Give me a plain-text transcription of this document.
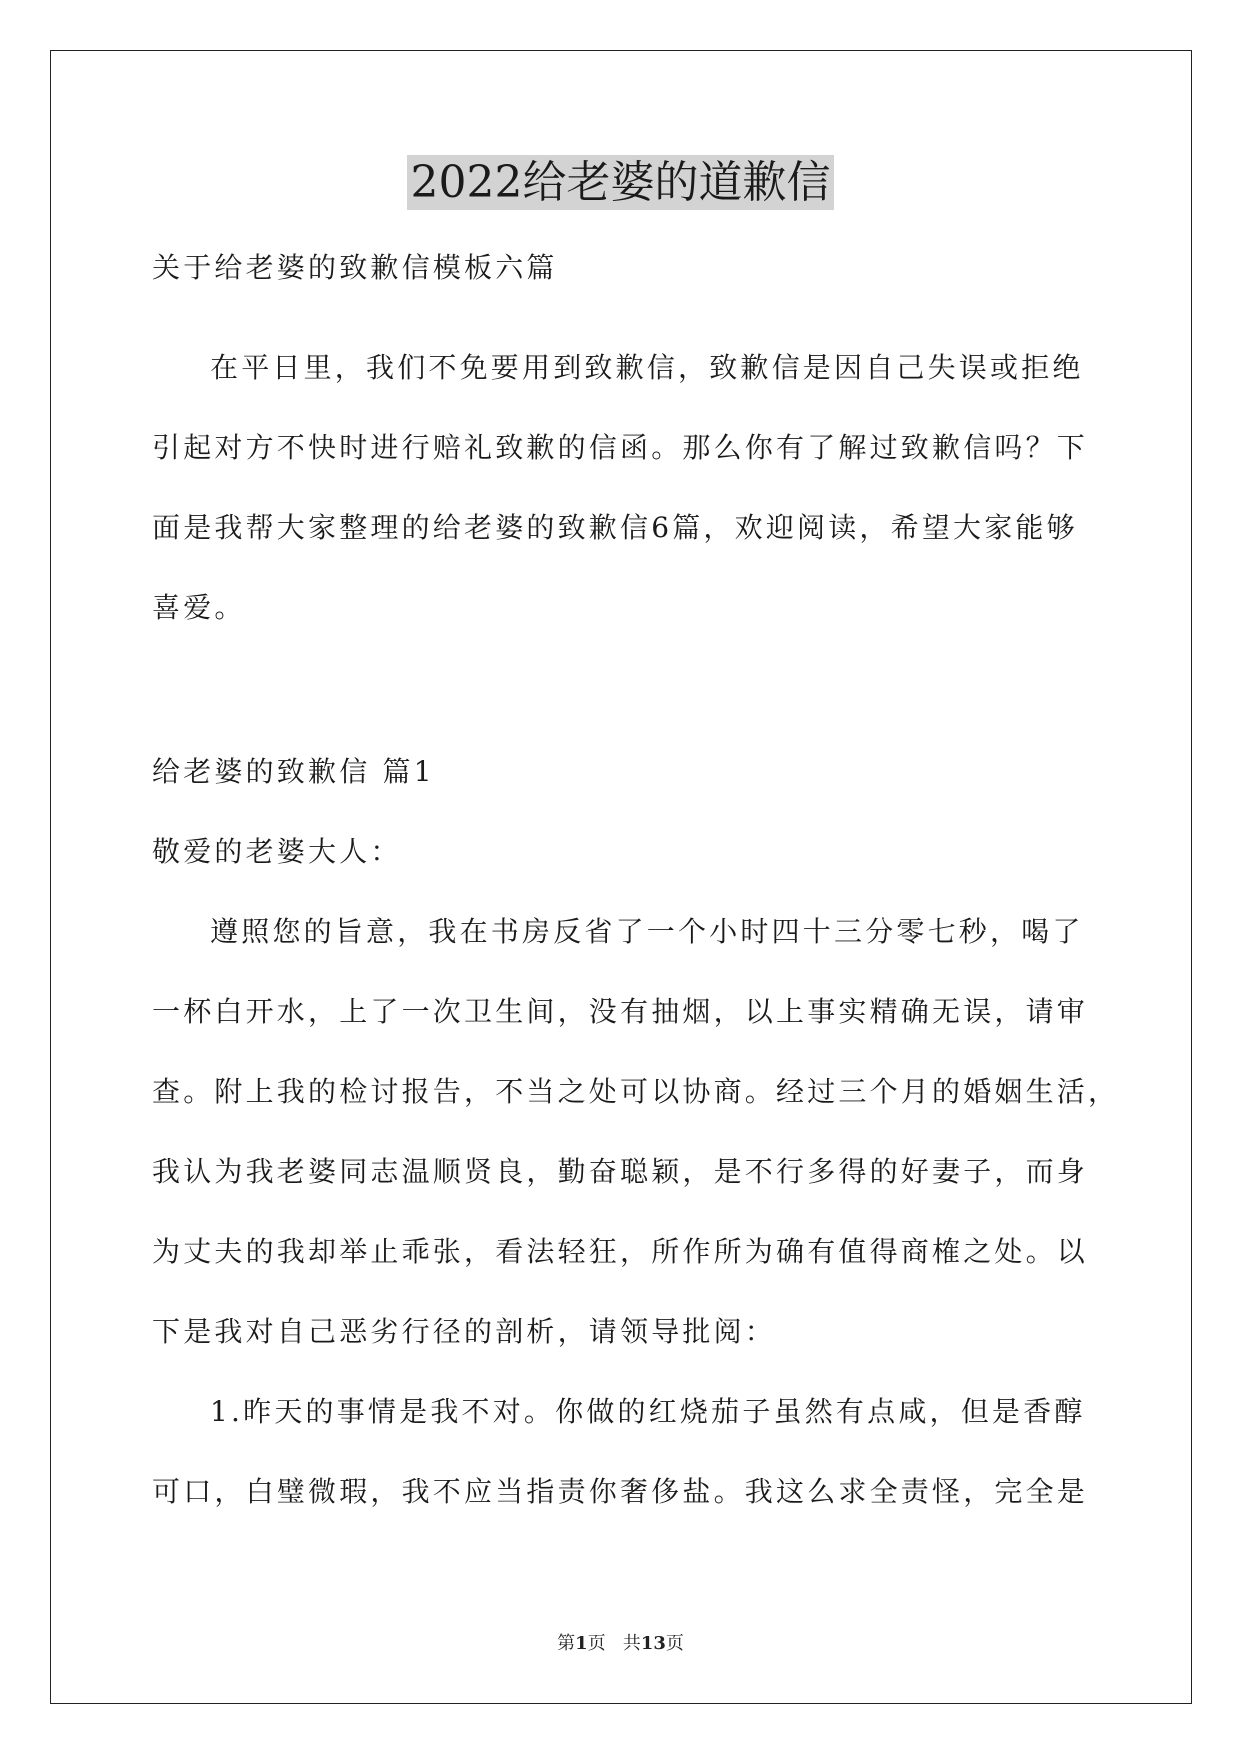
2022给老婆的道歉信
关于给老婆的致歉信模板六篇
在平日里，我们不免要用到致歉信，致歉信是因自己失误或拒绝
引起对方不快时进行赔礼致歉的信函。那么你有了解过致歉信吗？下
面是我帮大家整理的给老婆的致歉信6篇，欢迎阅读，希望大家能够
喜爱。
给老婆的致歉信 篇1
敬爱的老婆大人：
遵照您的旨意，我在书房反省了一个小时四十三分零七秒，喝了
一杯白开水，上了一次卫生间，没有抽烟，以上事实精确无误，请审
查。附上我的检讨报告，不当之处可以协商。经过三个月的婚姻生活，
我认为我老婆同志温顺贤良，勤奋聪颖，是不行多得的好妻子，而身
为丈夫的我却举止乖张，看法轻狂，所作所为确有值得商榷之处。以
下是我对自己恶劣行径的剖析，请领导批阅：
1.昨天的事情是我不对。你做的红烧茄子虽然有点咸，但是香醇
可口，白璧微瑕，我不应当指责你奢侈盐。我这么求全责怪，完全是
第1页 共13页
